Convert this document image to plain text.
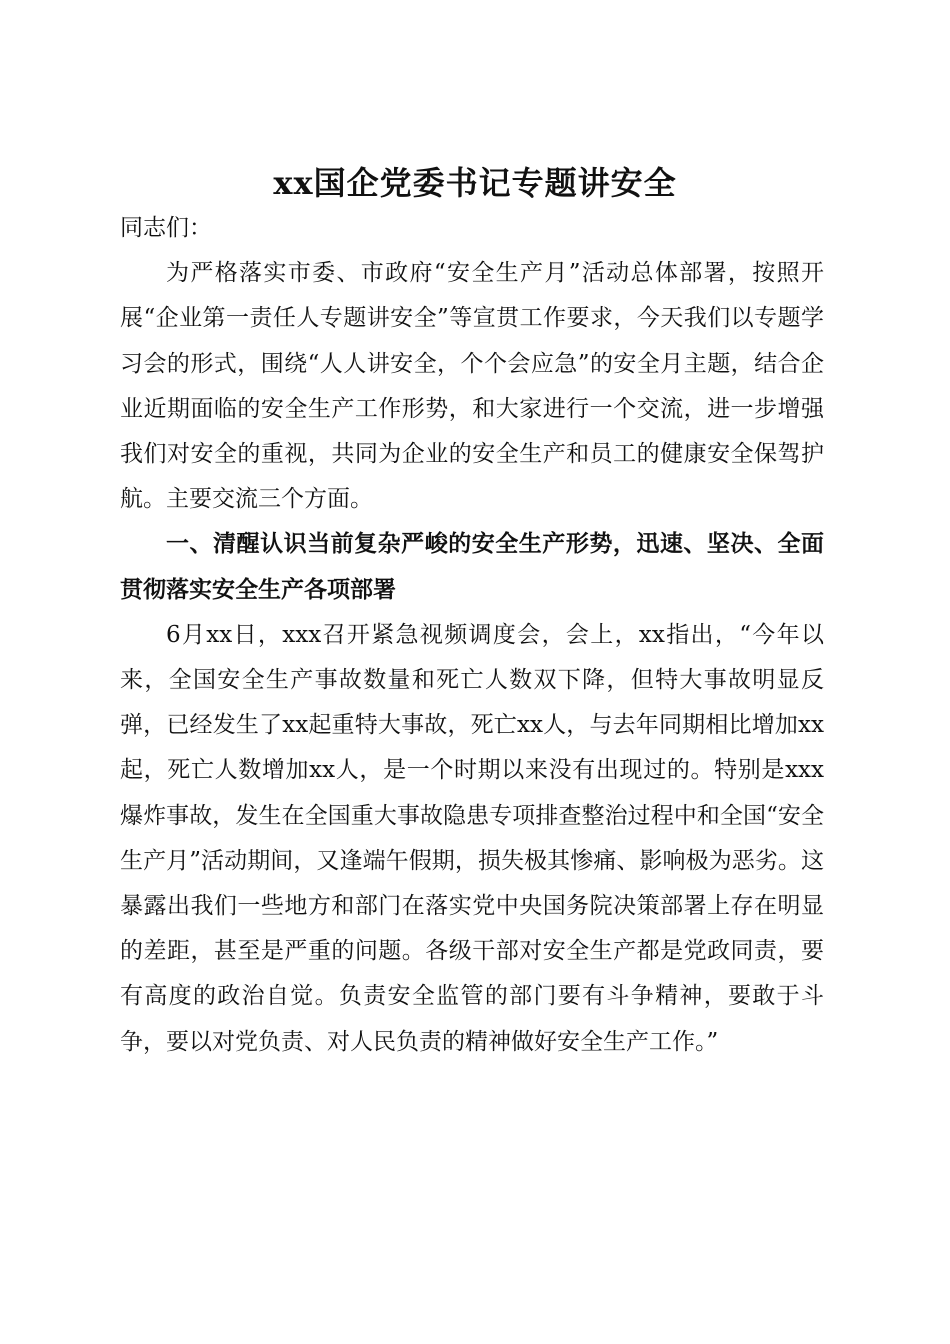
xx国企党委书记专题讲安全

同志们：

为严格落实市委、市政府“安全生产月”活动总体部署，按照开展“企业第一责任人专题讲安全”等宣贯工作要求，今天我们以专题学习会的形式，围绕“人人讲安全，个个会应急”的安全月主题，结合企业近期面临的安全生产工作形势，和大家进行一个交流，进一步增强我们对安全的重视，共同为企业的安全生产和员工的健康安全保驾护航。主要交流三个方面。

一、清醒认识当前复杂严峻的安全生产形势，迅速、坚决、全面贯彻落实安全生产各项部署

6月xx日，xxx召开紧急视频调度会，会上，xx指出，“今年以来，全国安全生产事故数量和死亡人数双下降，但特大事故明显反弹，已经发生了xx起重特大事故，死亡xx人，与去年同期相比增加xx起，死亡人数增加xx人，是一个时期以来没有出现过的。特别是xxx爆炸事故，发生在全国重大事故隐患专项排查整治过程中和全国“安全生产月”活动期间，又逢端午假期，损失极其惨痛、影响极为恶劣。这暴露出我们一些地方和部门在落实党中央国务院决策部署上存在明显的差距，甚至是严重的问题。各级干部对安全生产都是党政同责，要有高度的政治自觉。负责安全监管的部门要有斗争精神，要敢于斗争，要以对党负责、对人民负责的精神做好安全生产工作。”
